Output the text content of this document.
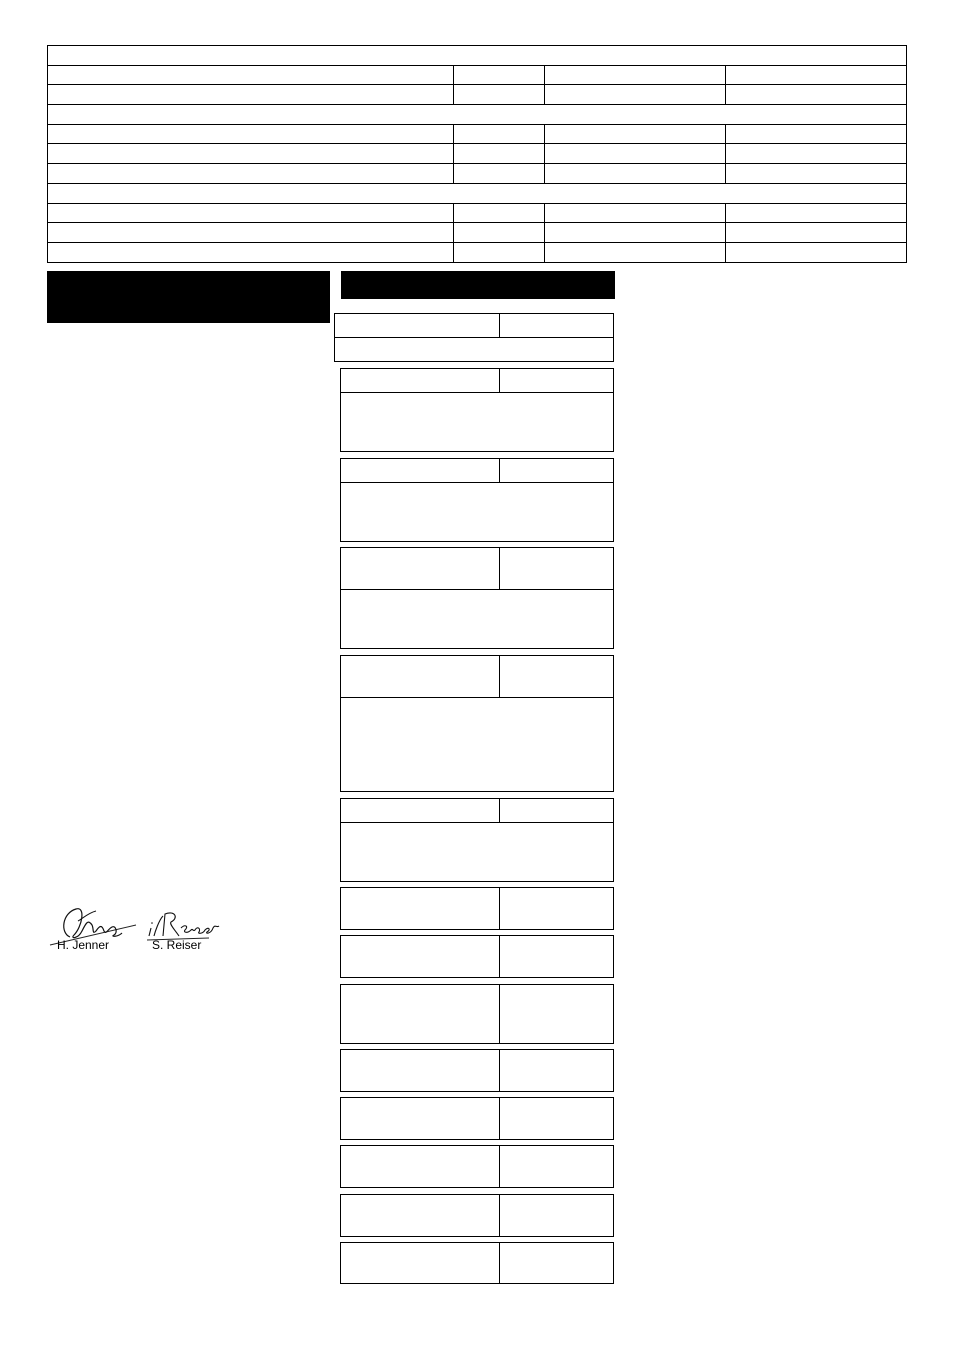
H. Jenner	S. Reiser
